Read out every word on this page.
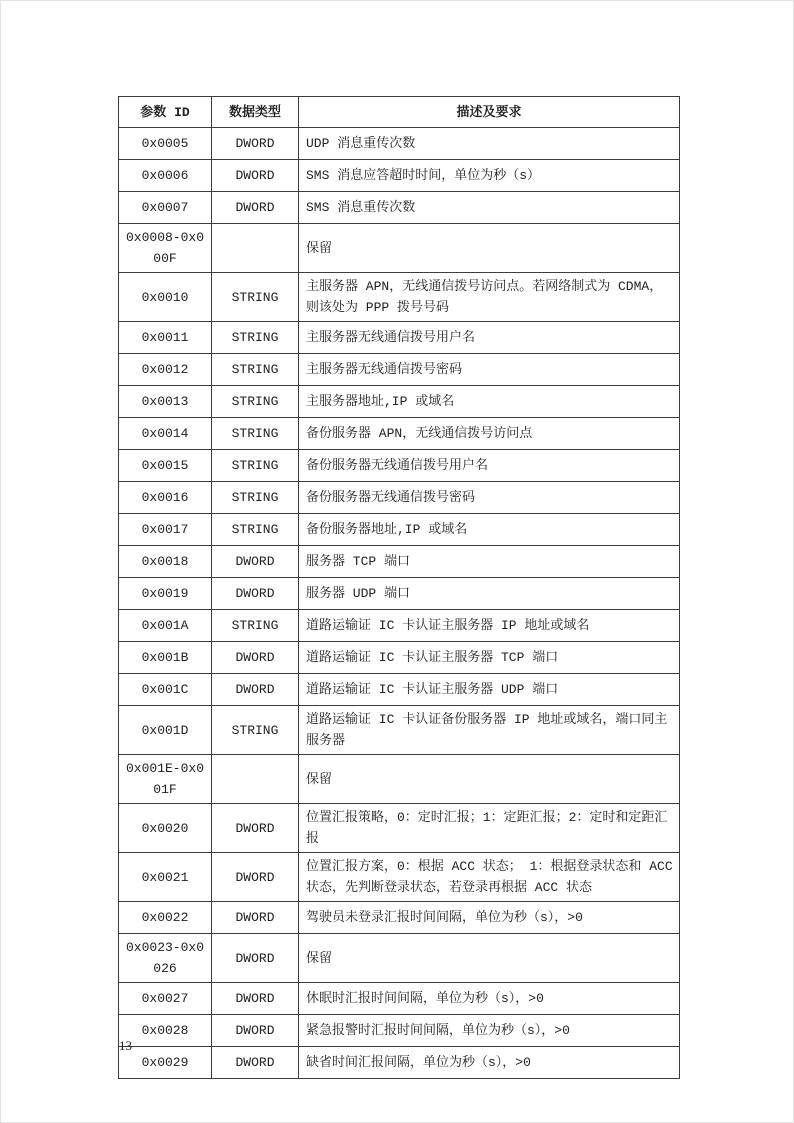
参数 ID	数据类型	描述及要求
0x0005	DWORD	UDP 消息重传次数
0x0006	DWORD	SMS 消息应答超时时间，单位为秒（s）
0x0007	DWORD	SMS 消息重传次数
0x0008-0x000F		保留
0x0010	STRING	主服务器 APN，无线通信拨号访问点。若网络制式为 CDMA，则该处为 PPP 拨号号码
0x0011	STRING	主服务器无线通信拨号用户名
0x0012	STRING	主服务器无线通信拨号密码
0x0013	STRING	主服务器地址,IP 或域名
0x0014	STRING	备份服务器 APN，无线通信拨号访问点
0x0015	STRING	备份服务器无线通信拨号用户名
0x0016	STRING	备份服务器无线通信拨号密码
0x0017	STRING	备份服务器地址,IP 或域名
0x0018	DWORD	服务器 TCP 端口
0x0019	DWORD	服务器 UDP 端口
0x001A	STRING	道路运输证 IC 卡认证主服务器 IP 地址或域名
0x001B	DWORD	道路运输证 IC 卡认证主服务器 TCP 端口
0x001C	DWORD	道路运输证 IC 卡认证主服务器 UDP 端口
0x001D	STRING	道路运输证 IC 卡认证备份服务器 IP 地址或域名，端口同主服务器
0x001E-0x001F		保留
0x0020	DWORD	位置汇报策略，0：定时汇报；1：定距汇报；2：定时和定距汇报
0x0021	DWORD	位置汇报方案，0：根据 ACC 状态； 1：根据登录状态和 ACC 状态，先判断登录状态，若登录再根据 ACC 状态
0x0022	DWORD	驾驶员未登录汇报时间间隔，单位为秒（s），>0
0x0023-0x0026	DWORD	保留
0x0027	DWORD	休眠时汇报时间间隔，单位为秒（s），>0
0x0028	DWORD	紧急报警时汇报时间间隔，单位为秒（s），>0
0x0029	DWORD	缺省时间汇报间隔，单位为秒（s），>0
13
